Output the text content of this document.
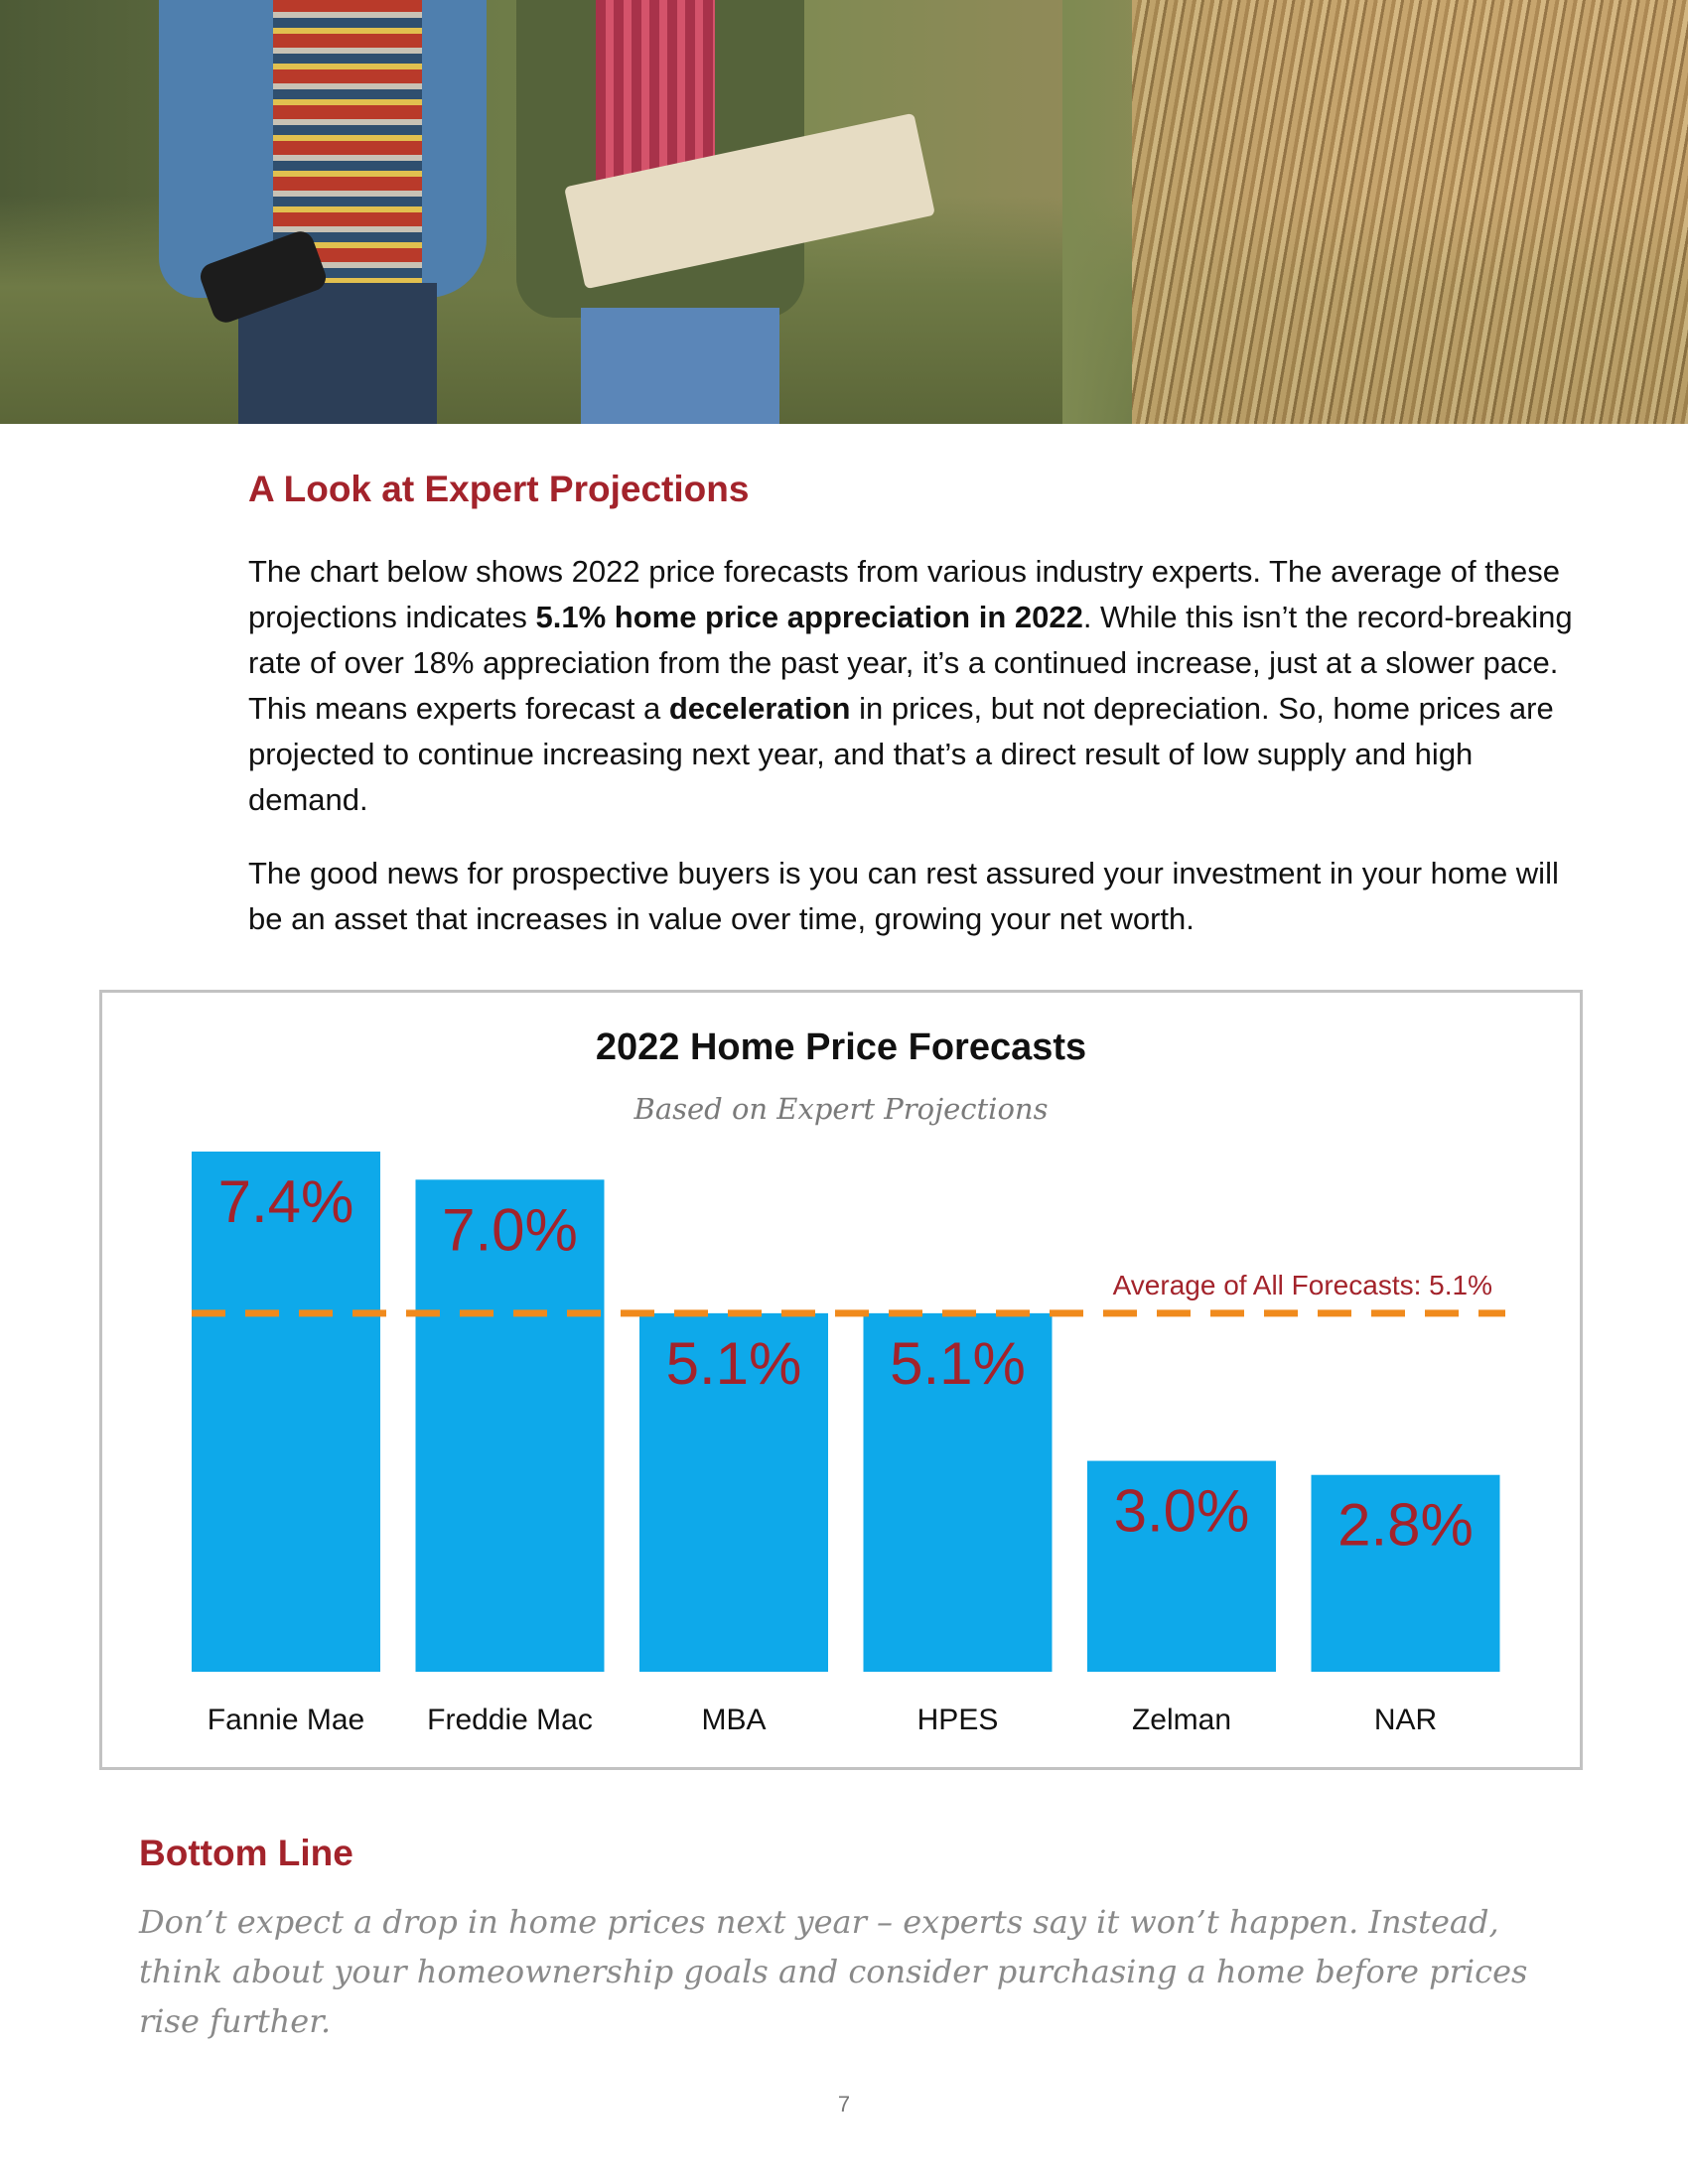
A Look at Expert Projections

The chart below shows 2022 price forecasts from various industry experts. The average of these projections indicates 5.1% home price appreciation in 2022. While this isn’t the record-breaking rate of over 18% appreciation from the past year, it’s a continued increase, just at a slower pace. This means experts forecast a deceleration in prices, but not depreciation. So, home prices are projected to continue increasing next year, and that’s a direct result of low supply and high demand.

The good news for prospective buyers is you can rest assured your investment in your home will be an asset that increases in value over time, growing your net worth.

2022 Home Price Forecasts
Based on Expert Projections
7.4%
Fannie Mae
7.0%
Freddie Mac
5.1%
MBA
5.1%
HPES
3.0%
Zelman
2.8%
NAR
Average of All Forecasts: 5.1%
Bottom Line

Don’t expect a drop in home prices next year – experts say it won’t happen. Instead, think about your homeownership goals and consider purchasing a home before prices rise further.

7
